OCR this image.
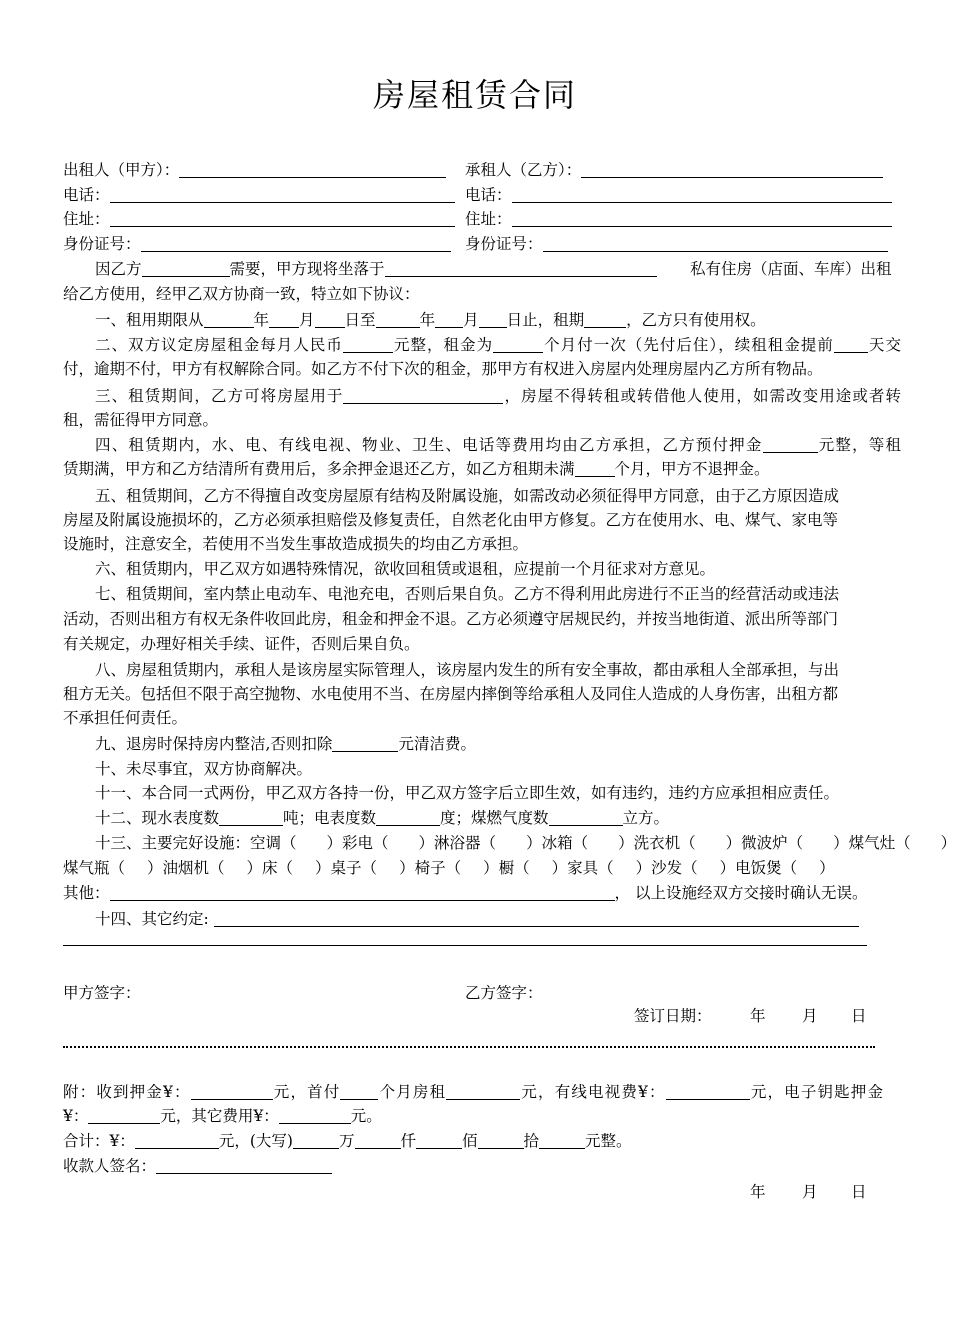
房屋租赁合同
出租人（甲方）：	承租人（乙方）：
电话：	电话：
住址：	住址：
身份证号：	身份证号：
因乙方	需要，甲方现将坐落于	私有住房（店面、车库）出租
给乙方使用，经甲乙双方协商一致，特立如下协议：
一、租用期限从	年 月 日至	年 月 日止，租期	，乙方只有使用权。
二、双方议定房屋租金每月人民币	元整，租金为	个月付一次（先付后住），续租租金提前 天交
付，逾期不付，甲方有权解除合同。如乙方不付下次的租金，那甲方有权进入房屋内处理房屋内乙方所有物品。
三、租赁期间，乙方可将房屋用于	，房屋不得转租或转借他人使用，如需改变用途或者转
租，需征得甲方同意。
四、租赁期内，水、电、有线电视、物业、卫生、电话等费用均由乙方承担，乙方预付押金	元整，等租
赁期满，甲方和乙方结清所有费用后，多余押金退还乙方，如乙方租期未满	个月，甲方不退押金。
五、租赁期间，乙方不得擅自改变房屋原有结构及附属设施，如需改动必须征得甲方同意，由于乙方原因造成
房屋及附属设施损坏的，乙方必须承担赔偿及修复责任，自然老化由甲方修复。乙方在使用水、电、煤气、家电等
设施时，注意安全，若使用不当发生事故造成损失的均由乙方承担。
六、租赁期内，甲乙双方如遇特殊情况，欲收回租赁或退租，应提前一个月征求对方意见。
七、租赁期间，室内禁止电动车、电池充电，否则后果自负。乙方不得利用此房进行不正当的经营活动或违法
活动，否则出租方有权无条件收回此房，租金和押金不退。乙方必须遵守居规民约，并按当地街道、派出所等部门
有关规定，办理好相关手续、证件，否则后果自负。
八、房屋租赁期内，承租人是该房屋实际管理人，该房屋内发生的所有安全事故，都由承租人全部承担，与出
租方无关。包括但不限于高空抛物、水电使用不当、在房屋内摔倒等给承租人及同住人造成的人身伤害，出租方都
不承担任何责任。
九、退房时保持房内整洁,否则扣除	元清洁费。
十、未尽事宜，双方协商解决。
十一、本合同一式两份，甲乙双方各持一份，甲乙双方签字后立即生效，如有违约，违约方应承担相应责任。
十二、现水表度数	吨；电表度数	度；煤燃气度数	立方。
十三、主要完好设施：空调（ ）彩电（ ）淋浴器（ ）冰箱（ ）洗衣机（ ）微波炉（ ）煤气灶（ ）
煤气瓶（ ）油烟机（ ）床（ ）桌子（ ）椅子（ ）橱（ ）家具（ ）沙发（ ）电饭煲（ ）
其他：	， 以上设施经双方交接时确认无误。
十四、其它约定:
甲方签字：	乙方签字：
签订日期： 年 月 日
附：收到押金¥：	元，首付 个月房租	元，有线电视费¥：	元，电子钥匙押金
¥：	元，其它费用¥：	元。
合计：¥：	元，(大写)	万	仟	佰	拾	元整。
收款人签名：
年 月 日
